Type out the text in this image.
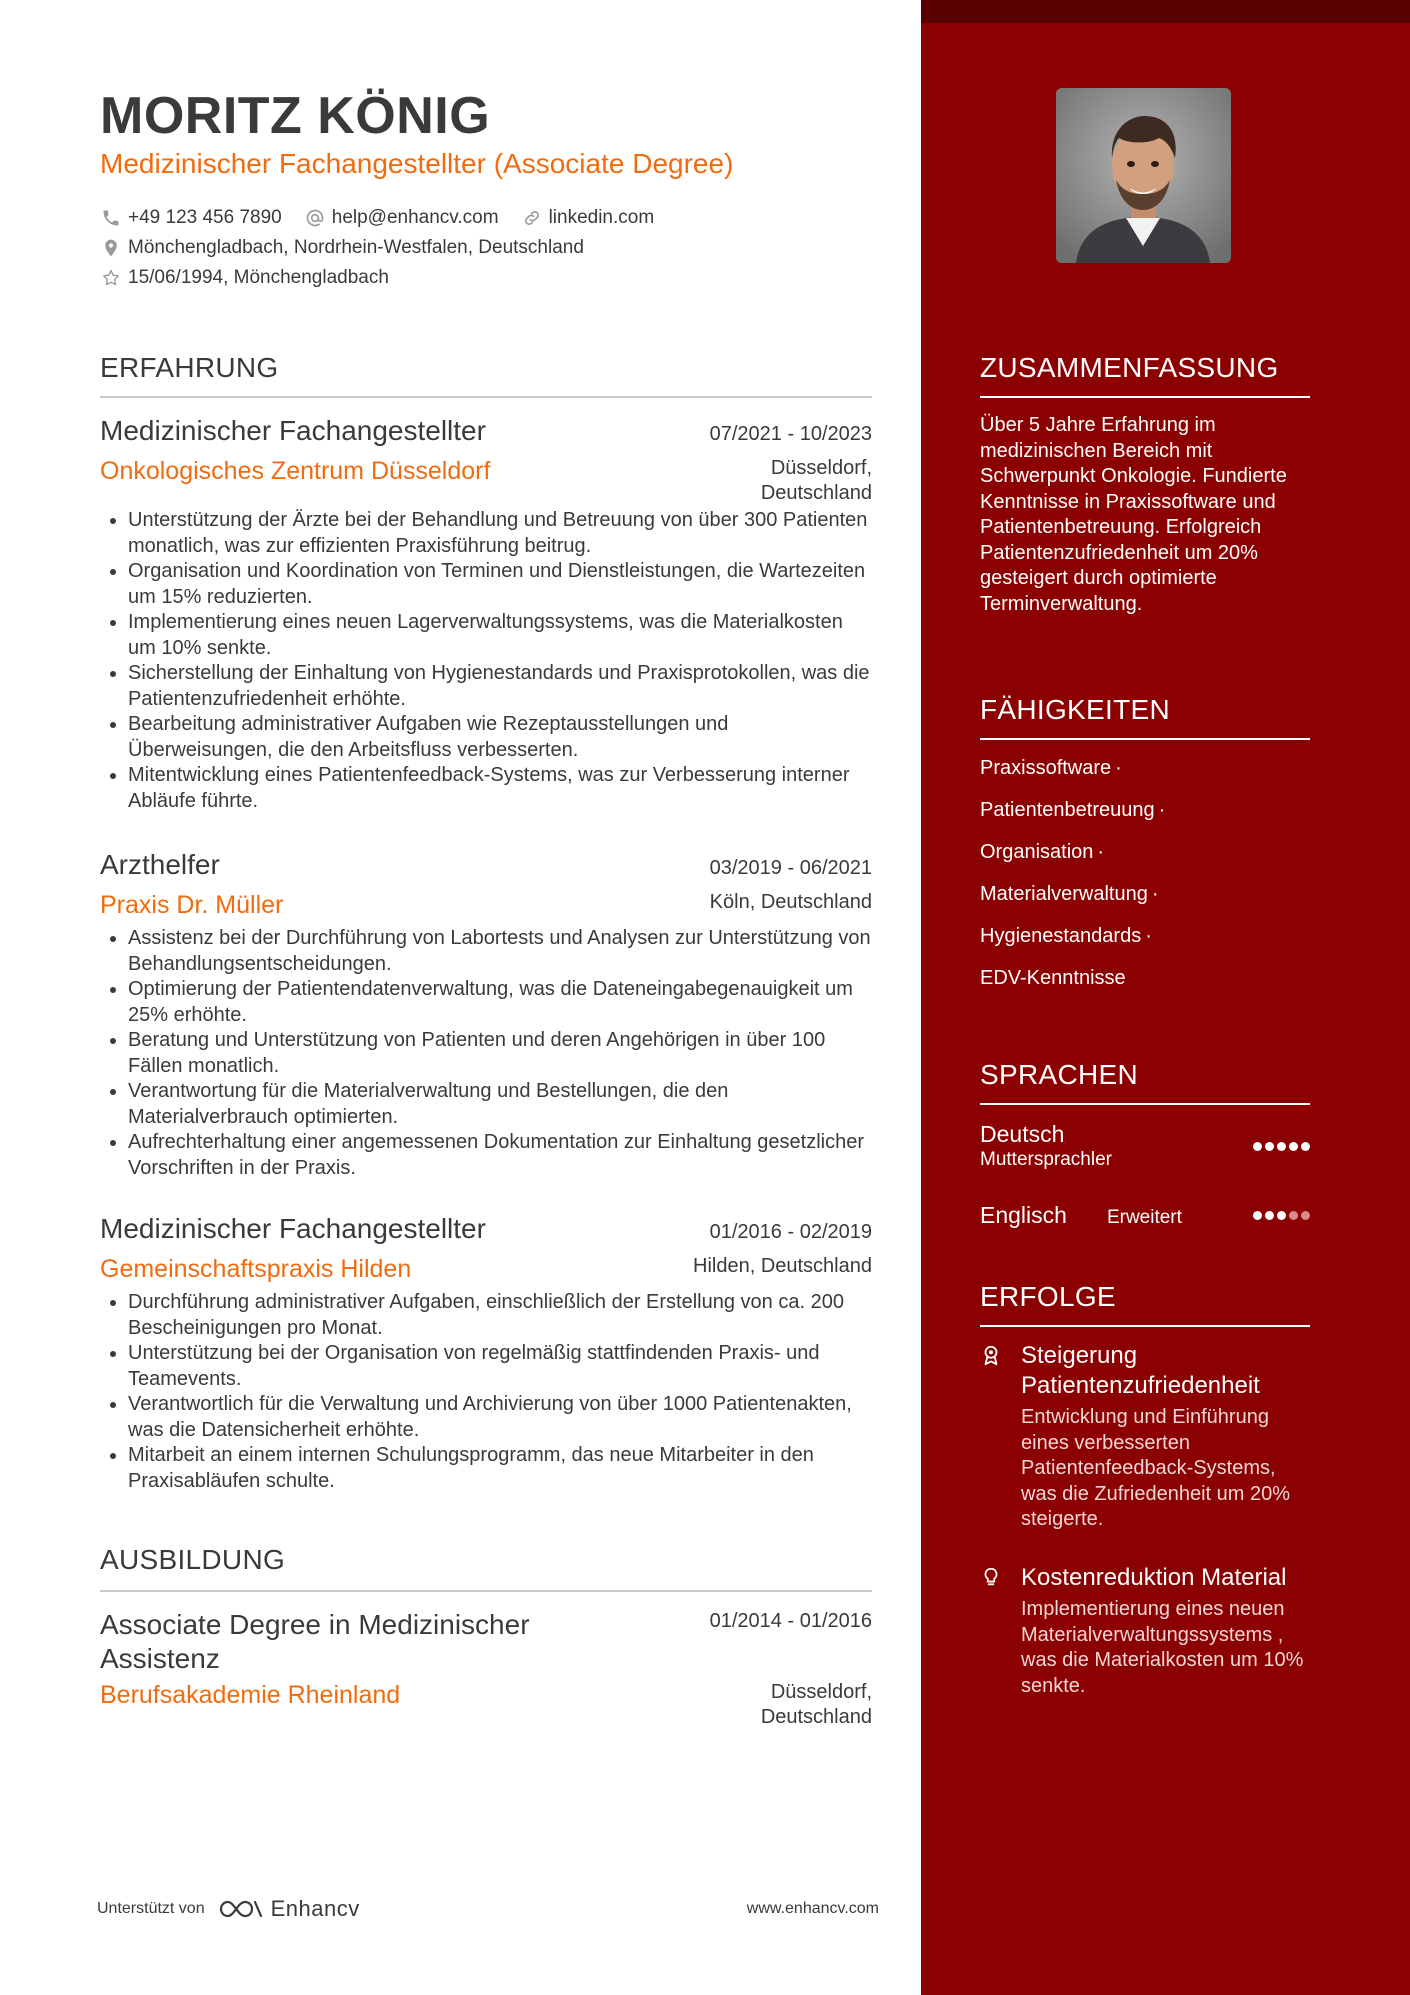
MORITZ KÖNIG
Medizinischer Fachangestellter (Associate Degree)
+49 123 456 7890	help@enhancv.com	linkedin.com
Mönchengladbach, Nordrhein-Westfalen, Deutschland
15/06/1994, Mönchengladbach
ERFAHRUNG
Medizinischer Fachangestellter	07/2021 - 10/2023
Onkologisches Zentrum Düsseldorf	Düsseldorf,
Deutschland
Unterstützung der Ärzte bei der Behandlung und Betreuung von über 300 Patienten monatlich, was zur effizienten Praxisführung beitrug.
Organisation und Koordination von Terminen und Dienstleistungen, die Wartezeiten um 15% reduzierten.
Implementierung eines neuen Lagerverwaltungssystems, was die Materialkosten um 10% senkte.
Sicherstellung der Einhaltung von Hygienestandards und Praxisprotokollen, was die Patientenzufriedenheit erhöhte.
Bearbeitung administrativer Aufgaben wie Rezeptausstellungen und Überweisungen, die den Arbeitsfluss verbesserten.
Mitentwicklung eines Patientenfeedback-Systems, was zur Verbesserung interner Abläufe führte.
Arzthelfer	03/2019 - 06/2021
Praxis Dr. Müller	Köln, Deutschland
Assistenz bei der Durchführung von Labortests und Analysen zur Unterstützung von Behandlungsentscheidungen.
Optimierung der Patientendatenverwaltung, was die Dateneingabegenauigkeit um 25% erhöhte.
Beratung und Unterstützung von Patienten und deren Angehörigen in über 100 Fällen monatlich.
Verantwortung für die Materialverwaltung und Bestellungen, die den Materialverbrauch optimierten.
Aufrechterhaltung einer angemessenen Dokumentation zur Einhaltung gesetzlicher Vorschriften in der Praxis.
Medizinischer Fachangestellter	01/2016 - 02/2019
Gemeinschaftspraxis Hilden	Hilden, Deutschland
Durchführung administrativer Aufgaben, einschließlich der Erstellung von ca. 200 Bescheinigungen pro Monat.
Unterstützung bei der Organisation von regelmäßig stattfindenden Praxis- und Teamevents.
Verantwortlich für die Verwaltung und Archivierung von über 1000 Patientenakten, was die Datensicherheit erhöhte.
Mitarbeit an einem internen Schulungsprogramm, das neue Mitarbeiter in den Praxisabläufen schulte.
AUSBILDUNG
Associate Degree in Medizinischer
Assistenz
01/2014 - 01/2016
Berufsakademie Rheinland	Düsseldorf,
Deutschland
Unterstützt von	Enhancv	www.enhancv.com
ZUSAMMENFASSUNG
Über 5 Jahre Erfahrung im medizinischen Bereich mit Schwerpunkt Onkologie. Fundierte Kenntnisse in Praxissoftware und Patientenbetreuung. Erfolgreich Patientenzufriedenheit um 20% gesteigert durch optimierte Terminverwaltung.
FÄHIGKEITEN
Praxissoftware ·
Patientenbetreuung ·
Organisation ·
Materialverwaltung ·
Hygienestandards ·
EDV-Kenntnisse
SPRACHEN
Deutsch
Muttersprachler
Englisch Erweitert
ERFOLGE
Steigerung Patientenzufriedenheit
Entwicklung und Einführung eines verbesserten Patientenfeedback-Systems, was die Zufriedenheit um 20% steigerte.
Kostenreduktion Material
Implementierung eines neuen Materialverwaltungssystems , was die Materialkosten um 10% senkte.
